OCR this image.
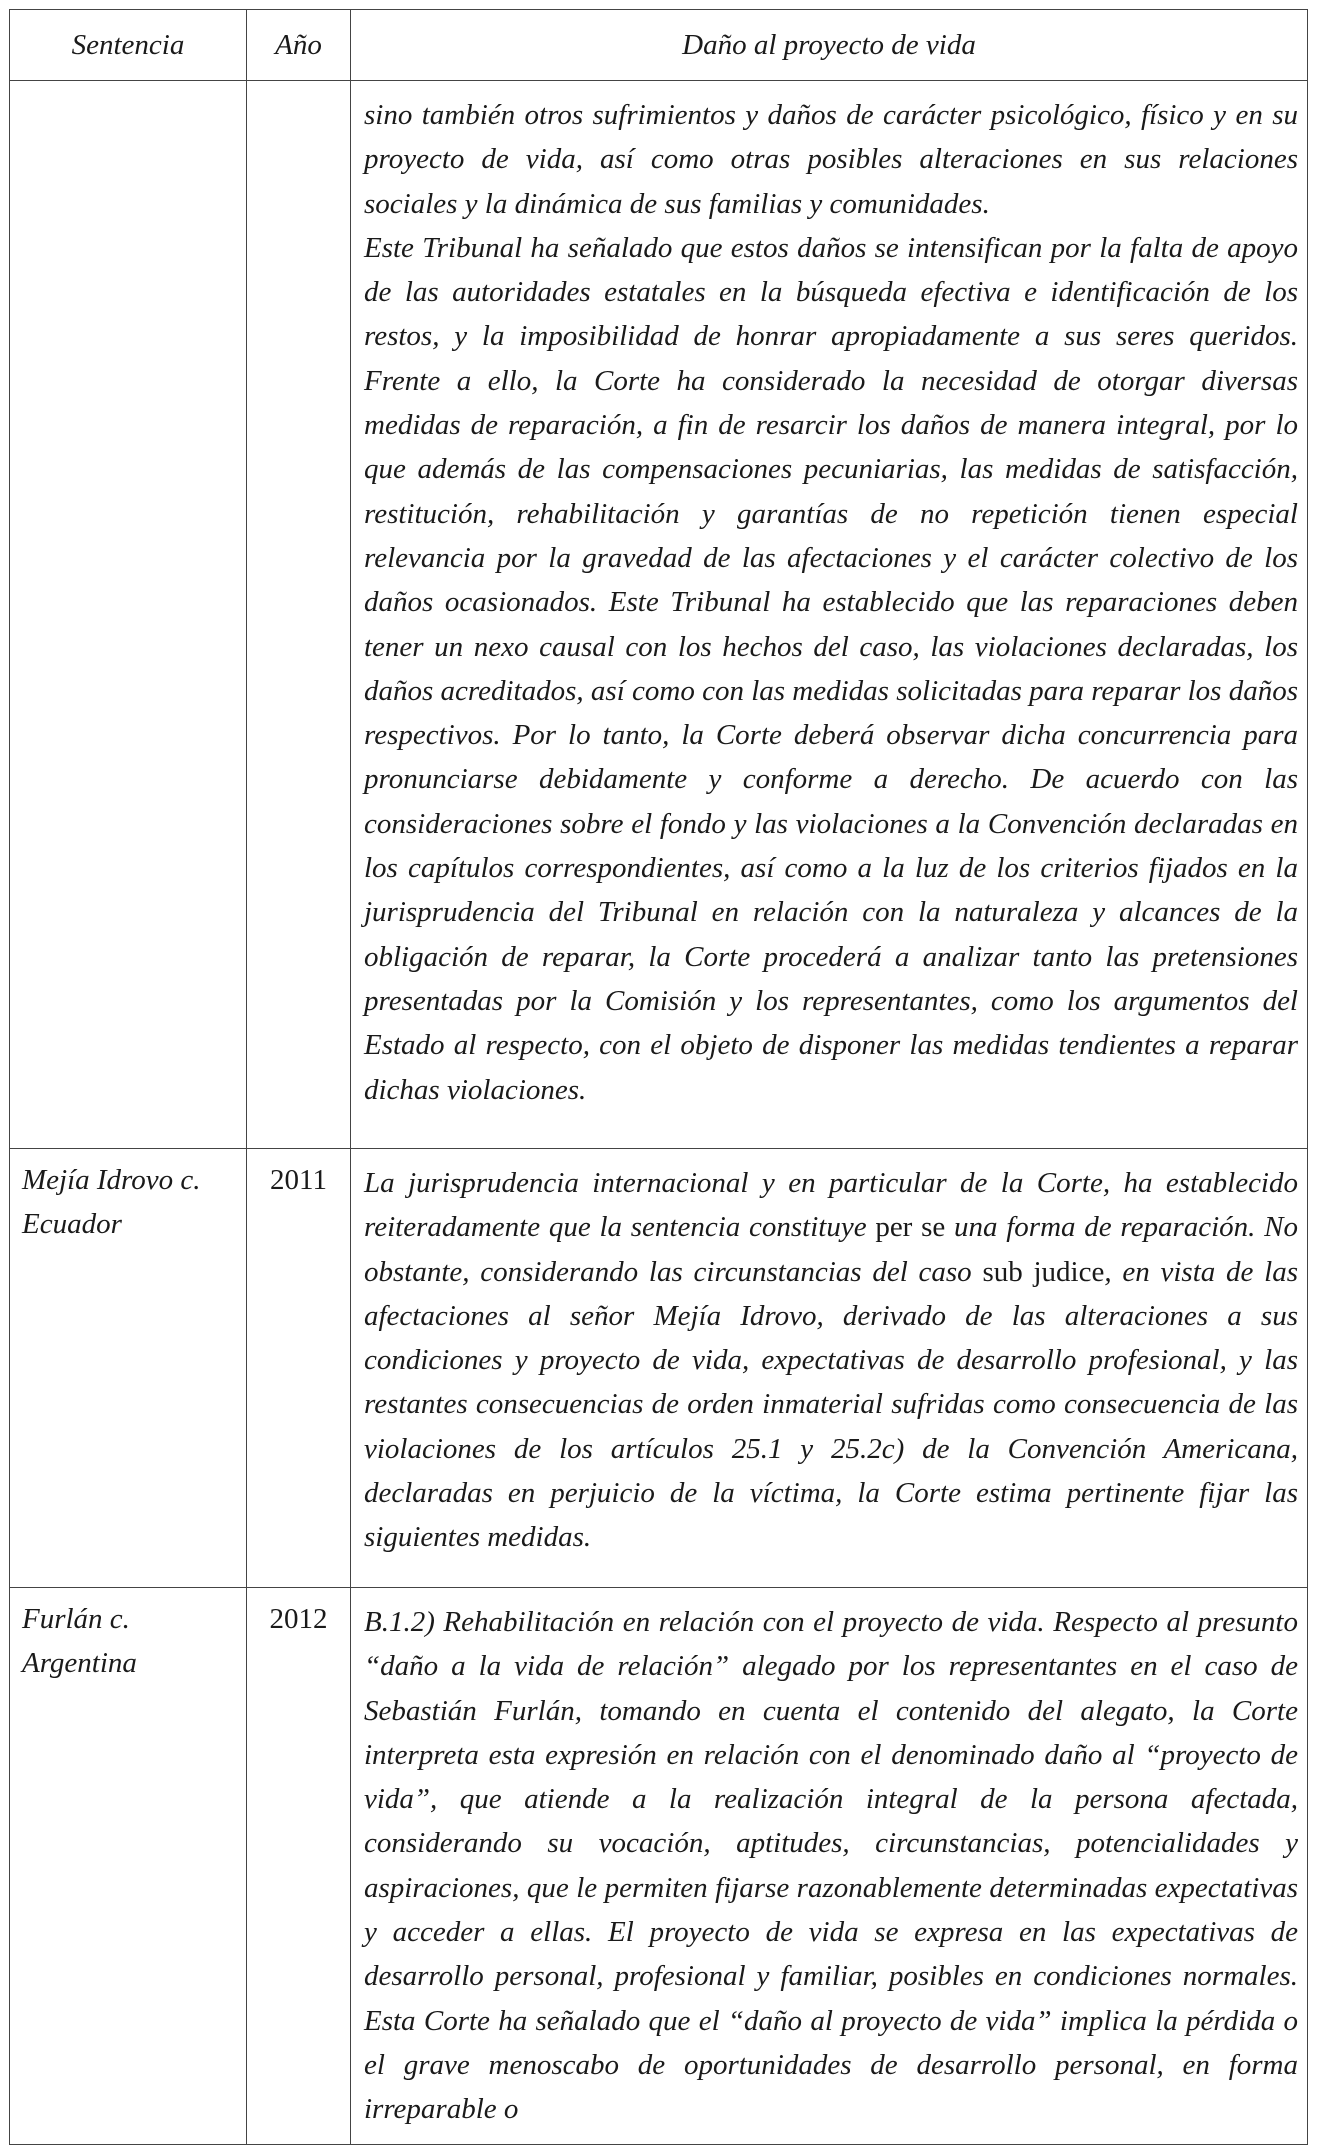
Sentencia	Año	Daño al proyecto de vida

		sino también otros sufrimientos y daños de carácter psicológico, físico y en su proyecto de vida, así como otras posibles alteraciones en sus relaciones sociales y la dinámica de sus familias y comunidades.

Este Tribunal ha señalado que estos daños se intensifican por la falta de apoyo de las autoridades estatales en la búsqueda efectiva e identificación de los restos, y la imposibilidad de honrar apropiadamente a sus seres queridos. Frente a ello, la Corte ha considerado la necesidad de otorgar diversas medidas de reparación, a fin de resarcir los daños de manera integral, por lo que además de las compensaciones pecuniarias, las medidas de satisfacción, restitución, rehabilitación y garantías de no repetición tienen especial relevancia por la gravedad de las afectaciones y el carácter colectivo de los daños ocasionados. Este Tribunal ha establecido que las reparaciones deben tener un nexo causal con los hechos del caso, las violaciones declaradas, los daños acreditados, así como con las medidas solicitadas para reparar los daños respectivos. Por lo tanto, la Corte deberá observar dicha concurrencia para pronunciarse debidamente y conforme a derecho. De acuerdo con las consideraciones sobre el fondo y las violaciones a la Convención declaradas en los capítulos correspondientes, así como a la luz de los criterios fijados en la jurisprudencia del Tribunal en relación con la naturaleza y alcances de la obligación de reparar, la Corte procederá a analizar tanto las pretensiones presentadas por la Comisión y los representantes, como los argumentos del Estado al respecto, con el objeto de disponer las medidas tendientes a reparar dichas violaciones.

Mejía Idrovo c. Ecuador	2011	La jurisprudencia internacional y en particular de la Corte, ha establecido reiteradamente que la sentencia constituye per se una forma de reparación. No obstante, considerando las circunstancias del caso sub judice, en vista de las afectaciones al señor Mejía Idrovo, derivado de las alteraciones a sus condiciones y proyecto de vida, expectativas de desarrollo profesional, y las restantes consecuencias de orden inmaterial sufridas como consecuencia de las violaciones de los artículos 25.1 y 25.2c) de la Convención Americana, declaradas en perjuicio de la víctima, la Corte estima pertinente fijar las siguientes medidas.
Furlán c. Argentina	2012	B.1.2) Rehabilitación en relación con el proyecto de vida. Respecto al presunto “daño a la vida de relación” alegado por los representantes en el caso de Sebastián Furlán, tomando en cuenta el contenido del alegato, la Corte interpreta esta expresión en relación con el denominado daño al “proyecto de vida”, que atiende a la realización integral de la persona afectada, considerando su vocación, aptitudes, circunstancias, potencialidades y aspiraciones, que le permiten fijarse razonablemente determinadas expectativas y acceder a ellas. El proyecto de vida se expresa en las expectativas de desarrollo personal, profesional y familiar, posibles en condiciones normales. Esta Corte ha señalado que el “daño al proyecto de vida” implica la pérdida o el grave menoscabo de oportunidades de desarrollo personal, en forma irreparable o
